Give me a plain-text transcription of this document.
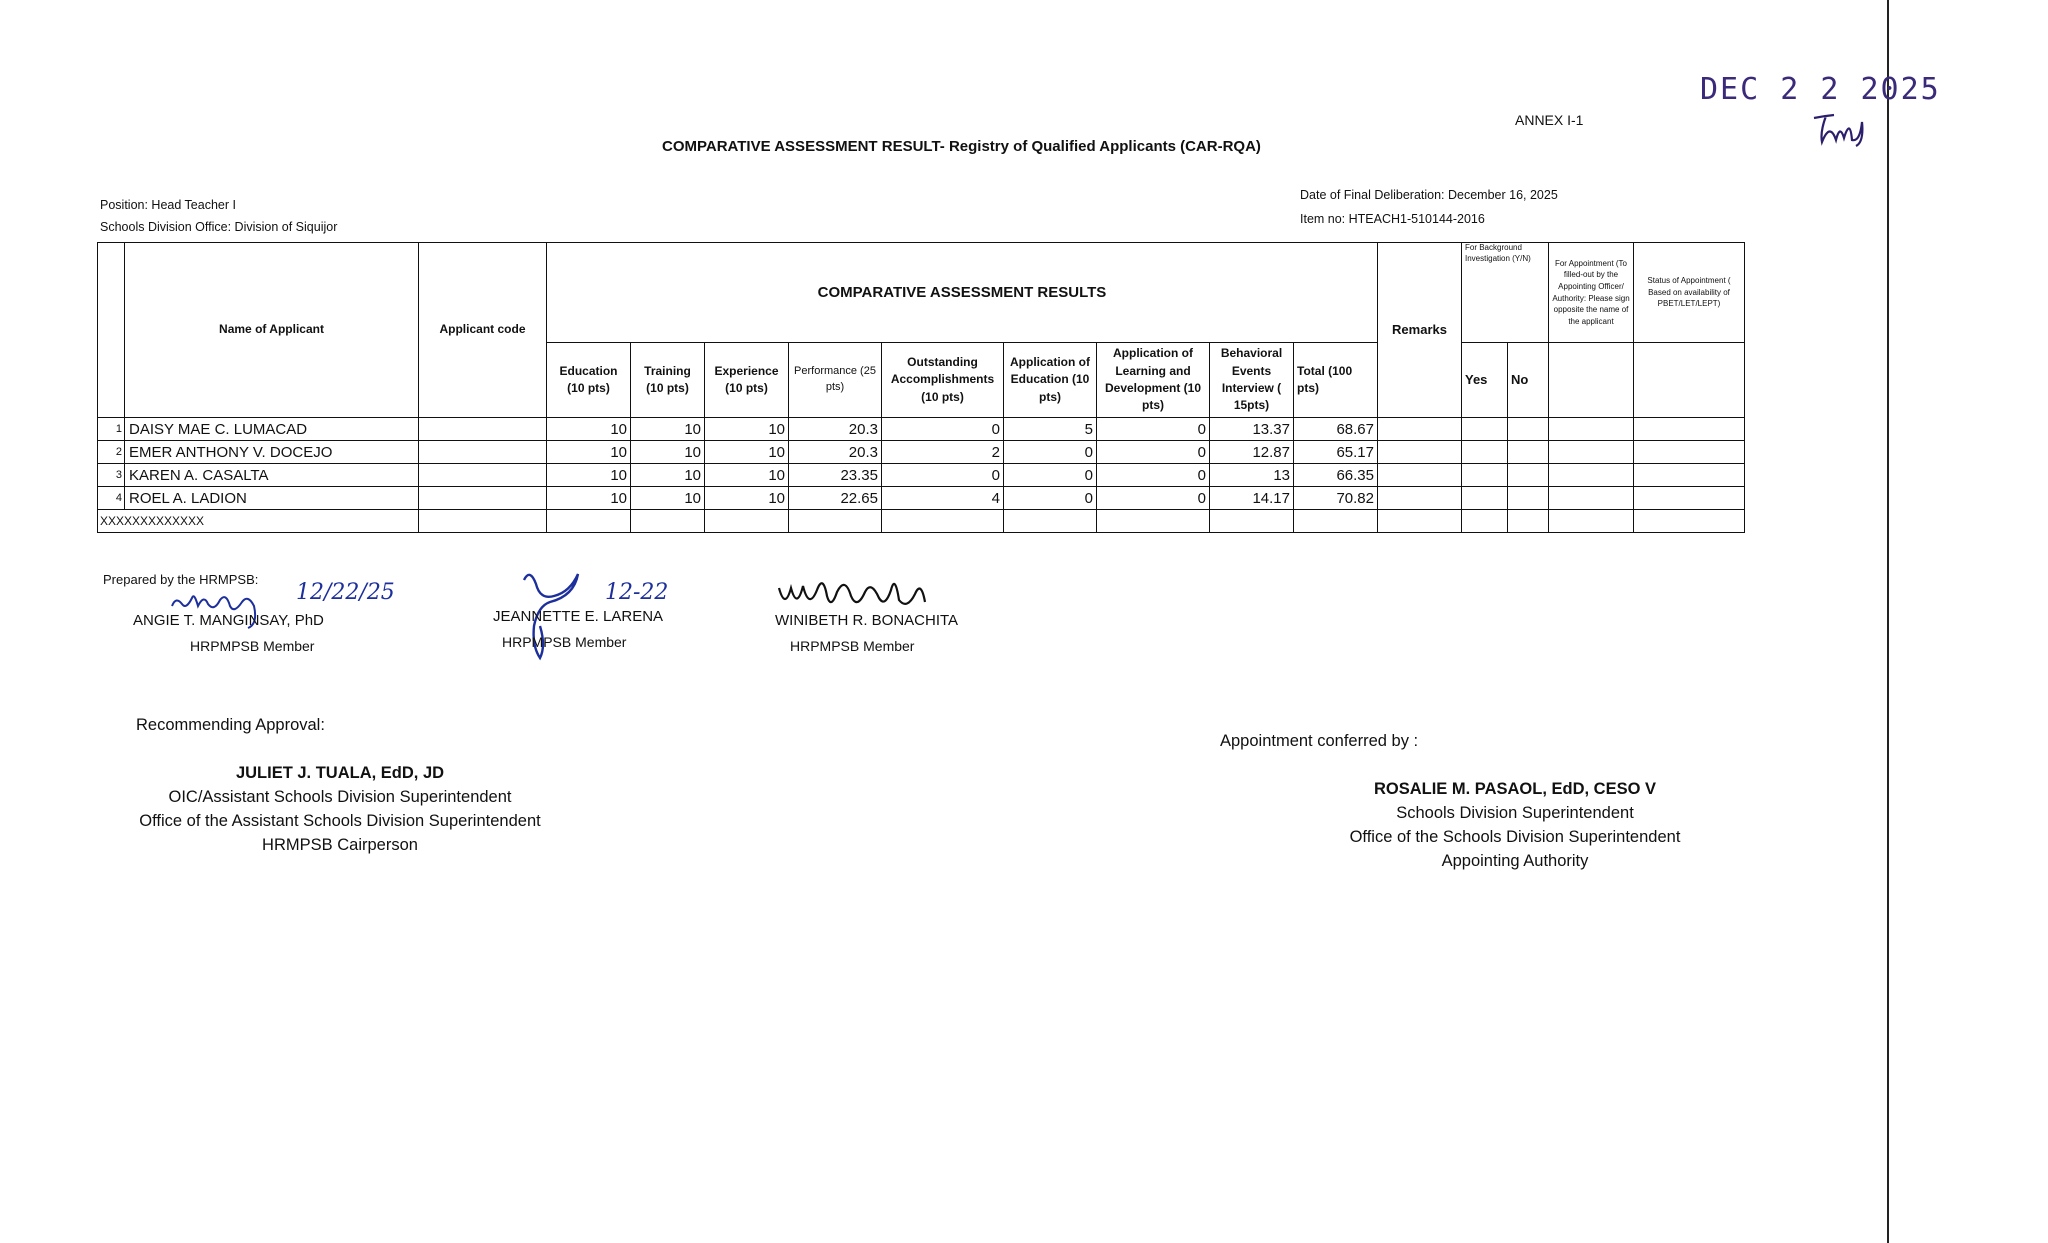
DEC 2 2 2025
ANNEX I-1
COMPARATIVE ASSESSMENT RESULT- Registry of Qualified Applicants (CAR-RQA)
Position: Head Teacher I
Schools Division Office: Division of Siquijor
Date of Final Deliberation: December 16, 2025
Item no: HTEACH1-510144-2016
	Name of Applicant	Applicant code	COMPARATIVE ASSESSMENT RESULTS									Remarks	For Background Investigation (Y/N)		For Appointment (To filled-out by the Appointing Officer/ Authority: Please sign opposite the name of the applicant	Status of Appointment ( Based on availability of PBET/LET/LEPT)
			Education (10 pts)	Training (10 pts)	Experience (10 pts)	Performance (25 pts)	Outstanding Accomplishments (10 pts)	Application of Education (10 pts)	Application of Learning and Development (10 pts)	Behavioral Events Interview ( 15pts)	Total (100 pts)		Yes	No		
1	DAISY MAE C. LUMACAD		10	10	10	20.3	0	5	0	13.37	68.67					
2	EMER ANTHONY V. DOCEJO		10	10	10	20.3	2	0	0	12.87	65.17					
3	KAREN A. CASALTA		10	10	10	23.35	0	0	0	13	66.35					
4	ROEL A. LADION		10	10	10	22.65	4	0	0	14.17	70.82					
XXXXXXXXXXXXX																
Prepared by the HRMPSB:
12/22/25
ANGIE T. MANGINSAY, PhD
HRPMPSB Member
12-22
JEANNETTE E. LARENA
HRPMPSB Member
WINIBETH R. BONACHITA
HRPMPSB Member
Recommending Approval:
JULIET J. TUALA, EdD, JD
OIC/Assistant Schools Division Superintendent
Office of the Assistant Schools Division Superintendent
HRMPSB Cairperson
Appointment conferred by :
ROSALIE M. PASAOL, EdD, CESO V
Schools Division Superintendent
Office of the Schools Division Superintendent
Appointing Authority
